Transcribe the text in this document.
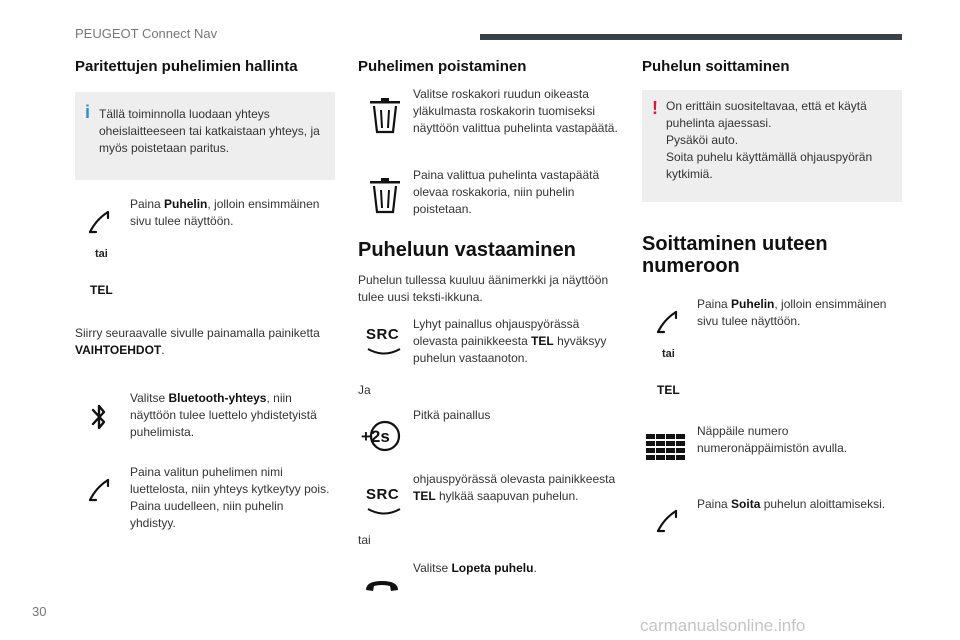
PEUGEOT Connect Nav
Paritettujen puhelimien hallinta
i Tällä toiminnolla luodaan yhteys oheislaitteeseen tai katkaistaan yhteys, ja myös poistetaan paritus.
Paina Puhelin, jolloin ensimmäinen sivu tulee näyttöön.
tai
TEL
Siirry seuraavalle sivulle painamalla painiketta VAIHTOEHDOT.
Valitse Bluetooth-yhteys, niin näyttöön tulee luettelo yhdistetyistä puhelimista.
Paina valitun puhelimen nimi luettelosta, niin yhteys kytkeytyy pois.
Paina uudelleen, niin puhelin yhdistyy.
Puhelimen poistaminen
Valitse roskakori ruudun oikeasta yläkulmasta roskakorin tuomiseksi näyttöön valittua puhelinta vastapäätä.
Paina valittua puhelinta vastapäätä olevaa roskakoria, niin puhelin poistetaan.
Puheluun vastaaminen
Puhelun tullessa kuuluu äänimerkki ja näyttöön tulee uusi teksti-ikkuna.
SRC
Lyhyt painallus ohjauspyörässä olevasta painikkeesta TEL hyväksyy puhelun vastaanoton.
Ja
+2s
Pitkä painallus
SRC
ohjauspyörässä olevasta painikkeesta TEL hylkää saapuvan puhelun.
tai
Valitse Lopeta puhelu.
Puhelun soittaminen
! On erittäin suositeltavaa, että et käytä puhelinta ajaessasi.
Pysäköi auto.
Soita puhelu käyttämällä ohjauspyörän kytkimiä.
Soittaminen uuteen numeroon
Paina Puhelin, jolloin ensimmäinen sivu tulee näyttöön.
tai
TEL
Näppäile numero numeronäppäimistön avulla.
Paina Soita puhelun aloittamiseksi.
30
carmanualsonline.info
